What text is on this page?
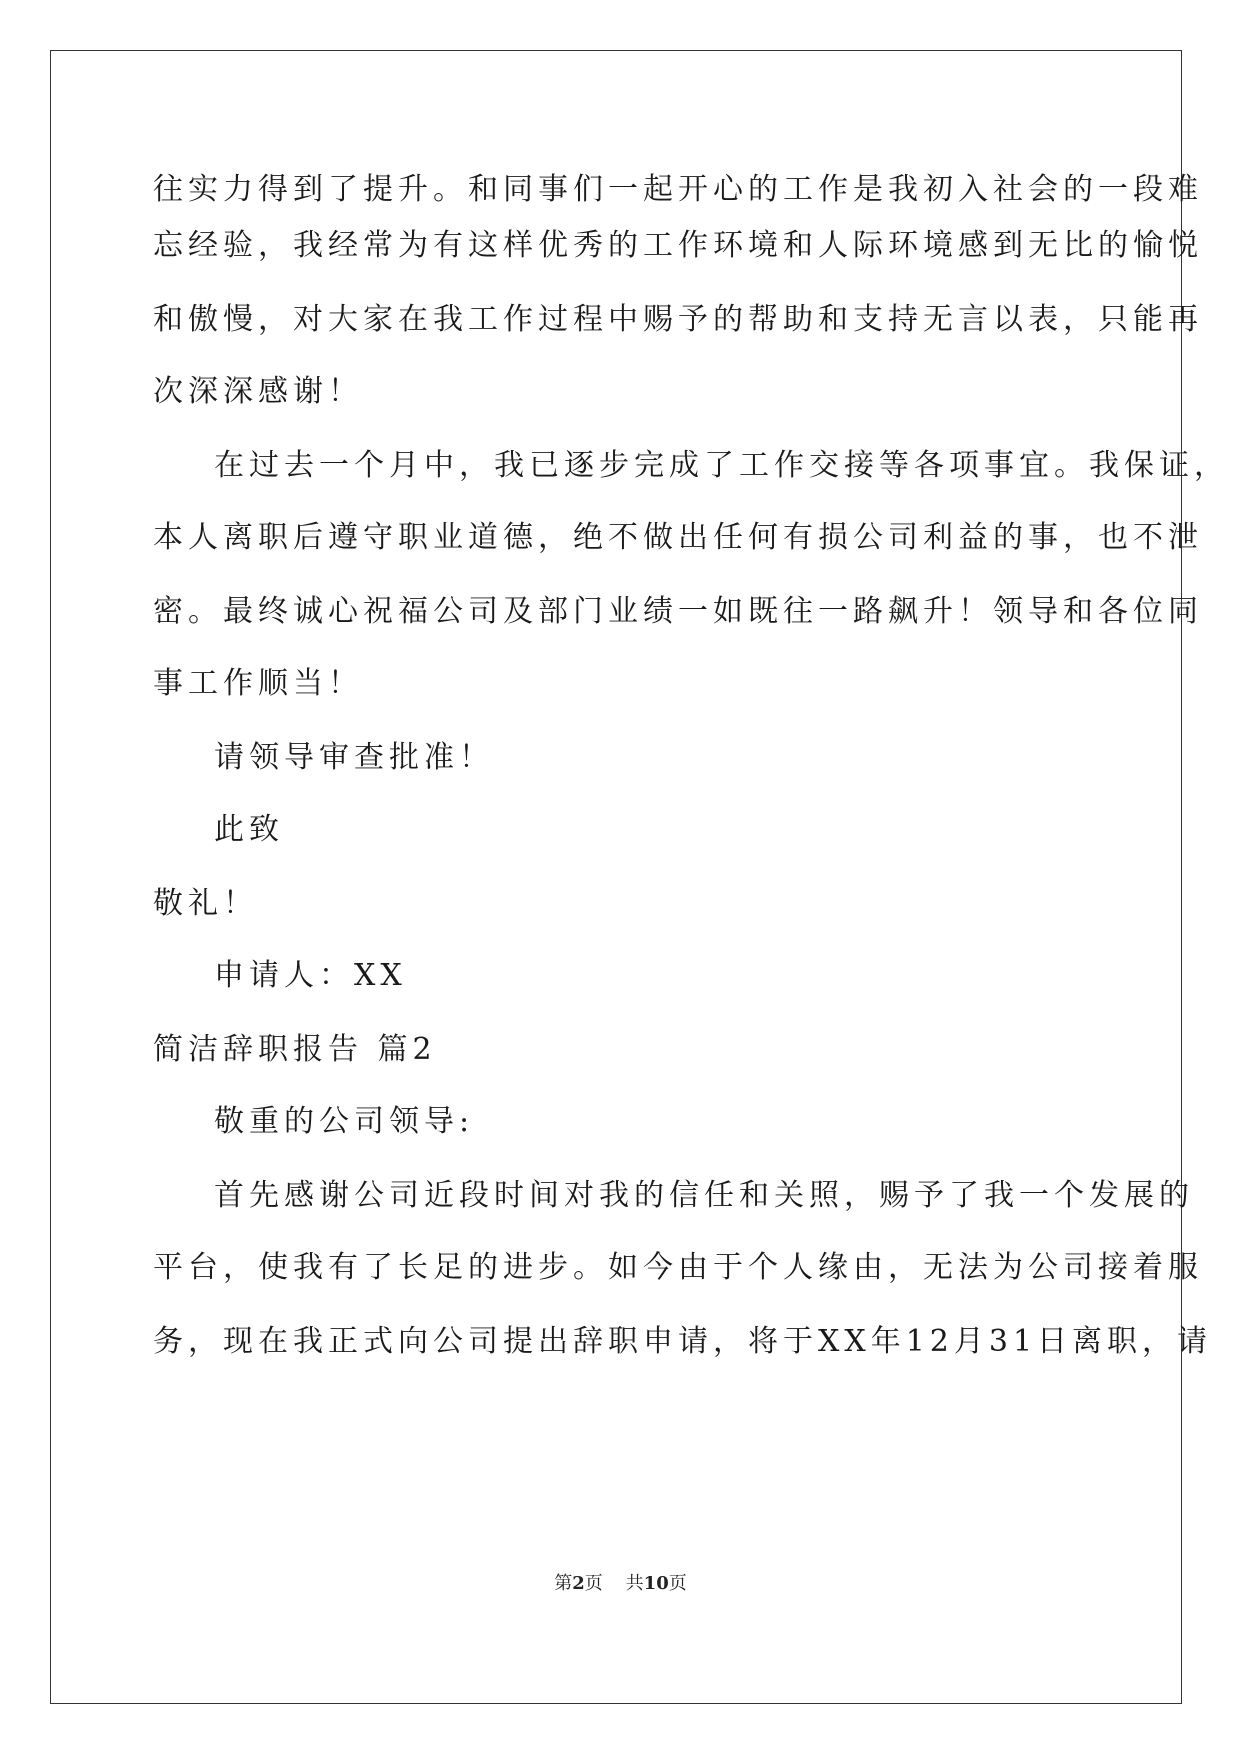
往实力得到了提升。和同事们一起开心的工作是我初入社会的一段难
忘经验，我经常为有这样优秀的工作环境和人际环境感到无比的愉悦
和傲慢，对大家在我工作过程中赐予的帮助和支持无言以表，只能再
次深深感谢！
在过去一个月中，我已逐步完成了工作交接等各项事宜。我保证，
本人离职后遵守职业道德，绝不做出任何有损公司利益的事，也不泄
密。最终诚心祝福公司及部门业绩一如既往一路飙升！领导和各位同
事工作顺当！
请领导审查批准！
此致
敬礼！
申请人：XX
简洁辞职报告 篇2
敬重的公司领导:
首先感谢公司近段时间对我的信任和关照，赐予了我一个发展的
平台，使我有了长足的进步。如今由于个人缘由，无法为公司接着服
务，现在我正式向公司提出辞职申请，将于XX年12月31日离职，请
第2页    共10页
